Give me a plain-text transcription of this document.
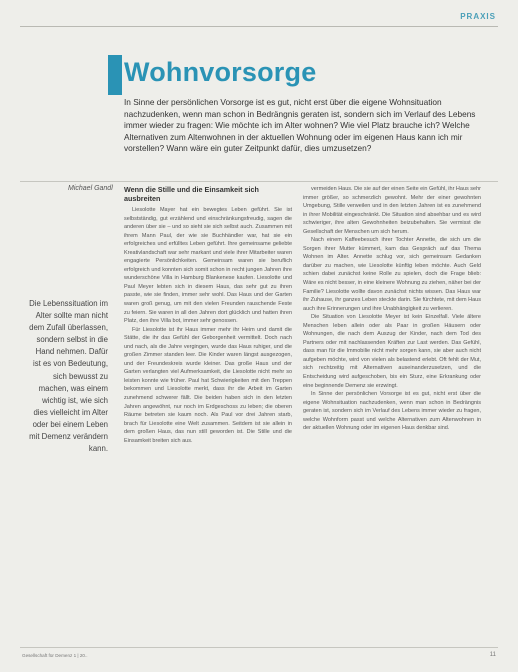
PRAXIS
Wohnvorsorge
In Sinne der persönlichen Vorsorge ist es gut, nicht erst über die eigene Wohnsituation nachzudenken, wenn man schon in Bedrängnis geraten ist, sondern sich im Verlauf des Lebens immer wieder zu fragen: Wie möchte ich im Alter wohnen? Wie viel Platz brauche ich? Welche Alternativen zum Altenwohnen in der aktuellen Wohnung oder im eigenen Haus kann ich mir vorstellen? Wann wäre ein guter Zeitpunkt dafür, dies umzusetzen?
Michael Gandl Wenn die Stille und die Einsamkeit sich ausbreiten

Liesolotte Mayer hat ein bewegtes Leben geführt. Sie ist selbstständig, gut erzählend und einschränkungsfreudig, sagen die anderen über sie – und so sieht sie sich selbst auch. Zusammen mit ihrem Mann Paul, der wie sie Buchhändler war, hat sie ein erfolgreiches und erfülltes Leben geführt. Ihre gemeinsame geliebte Kreativlandschaft war sehr markant und viele ihrer Mitarbeiter waren engagierte Persönlichkeiten. Gemeinsam waren sie beruflich erfolgreich und konnten sich somit schon in recht jungen Jahren ihre wunderschöne Villa in Hamburg Blankenese kaufen. Liesolotte und Paul Meyer lebten sich in diesem Haus, das sehr gut zu ihren passte, wie sie finden, immer sehr wohl. Das Haus und der Garten waren groß genug, um mit den vielen Freunden rauschende Feste zu feiern. Sie waren in all den Jahren dort glücklich und hatten ihren Platz, den ihre Villa bot, immer sehr genossen.

Für Liesolotte ist ihr Haus immer mehr ihr Heim und damit die Stätte, die ihr das Gefühl der Geborgenheit vermittelt. Doch nach und nach, als die Jahre vergingen, wurde das Haus ruhiger, und die großen Zimmer standen leer. Die Kinder waren längst ausgezogen, und der Freundeskreis wurde kleiner. Das große Haus und der Garten verlangten viel Aufmerksamkeit, die Liesolotte nicht mehr so leisten konnte wie früher. Paul hat Schwierigkeiten mit den Treppen bekommen und Liesolotte merkt, dass ihr die Arbeit im Garten zunehmend schwerer fällt. Die beiden haben sich in den letzten Jahren angewöhnt, nur noch im Erdgeschoss zu leben; die oberen Räume betreten sie kaum noch. Als Paul vor drei Jahren starb, brach für Liesolotte eine Welt zusammen. Seitdem ist sie allein in dem großen Haus, das nun still geworden ist. Die Stille und die Einsamkeit breiten sich aus.

vermeiden Haus. Die sie auf der einen Seite ein Gefühl, ihr Haus sehr immer größer, so schmerzlich gewohnt. Mehr der einer gewohnten Umgebung, Stille verweilen und in den letzten Jahren ist es zunehmend in ihrer Mobilität eingeschränkt. Die Situation sind absehbar und es wird schwieriger, ihre alten Gewohnheiten beizubehalten. Sie vermisst die Gesellschaft der Menschen um sich herum.

Nach einem Kaffeebesuch ihrer Tochter Annette, die sich um die Sorgen ihrer Mutter kümmert, kam das Gespräch auf das Thema Wohnen im Alter. Annette schlug vor, sich gemeinsam Gedanken darüber zu machen, wie Liesolotte künftig leben möchte. Auch Geld schien dabei zunächst keine Rolle zu spielen, doch die Frage blieb: Wäre es nicht besser, in eine kleinere Wohnung zu ziehen, näher bei der Familie? Liesolotte wollte davon zunächst nichts wissen. Das Haus war ihr Zuhause, ihr ganzes Leben steckte darin. Sie fürchtete, mit dem Haus auch ihre Erinnerungen und ihre Unabhängigkeit zu verlieren.

Die Situation von Liesolotte Meyer ist kein Einzelfall. Viele ältere Menschen leben allein oder als Paar in großen Häusern oder Wohnungen, die nach dem Auszug der Kinder, nach dem Tod des Partners oder mit nachlassenden Kräften zur Last werden. Das Gefühl, dass man für die Immobilie nicht mehr sorgen kann, sie aber auch nicht aufgeben möchte, wird von vielen als belastend erlebt. Oft fehlt der Mut, sich rechtzeitig mit Alternativen auseinanderzusetzen, und die Entscheidung wird aufgeschoben, bis ein Sturz, eine Erkrankung oder eine beginnende Demenz sie erzwingt.

In Sinne der persönlichen Vorsorge ist es gut, nicht erst über die eigene Wohnsituation nachzudenken, wenn man schon in Bedrängnis geraten ist, sondern sich im Verlauf des Lebens immer wieder zu fragen, welche Wohnform passt und welche Alternativen zum Altenwohnen in der aktuellen Wohnung oder im eigenen Haus denkbar sind.

Die Lebenssituation im Alter sollte man nicht dem Zufall überlassen, sondern selbst in die Hand nehmen. Dafür ist es von Bedeutung, sich bewusst zu machen, was einem wichtig ist, wie sich dies vielleicht im Alter oder bei einem Leben mit Demenz verändern kann.
Gesellschaft für Demenz 1 | 20..	11
